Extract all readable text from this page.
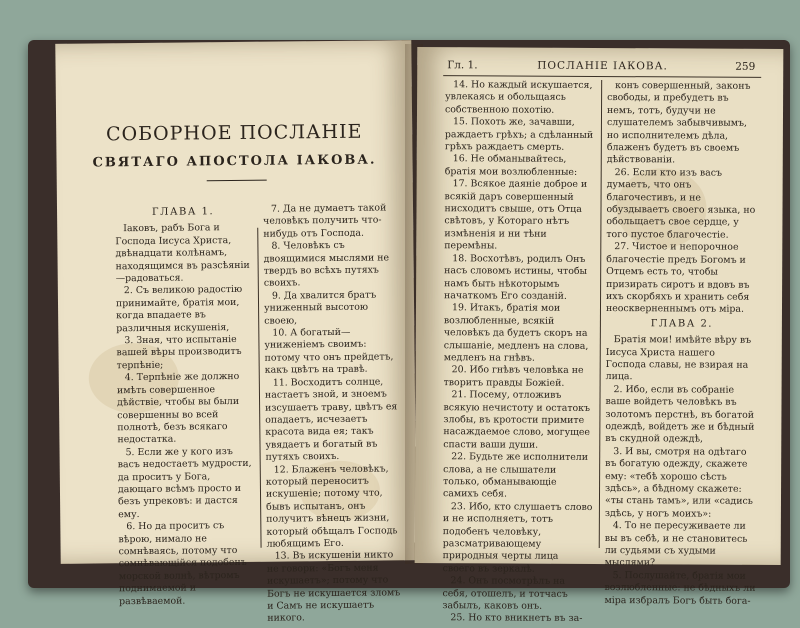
СОБОРНОЕ ПОСЛАНІЕ
СВЯТАГО АПОСТОЛА ІАКОВА.

ГЛАВА 1.

Іаковъ, рабъ Бога и Господа Іисуса Христа, двѣнадцати колѣнамъ, находящимся въ разсѣяніи—радоваться.

2. Съ великою радостію принимайте, братія мои, когда впадаете въ различныя искушенія,

3. Зная, что испытаніе вашей вѣры производитъ терпѣніе;

4. Терпѣніе же должно имѣть совершенное дѣйствіе, чтобы вы были совершенны во всей полнотѣ, безъ всякаго недостатка.

5. Если же у кого изъ васъ недостаетъ мудрости, да проситъ у Бога, дающаго всѣмъ просто и безъ упрековъ: и дастся ему.

6. Но да проситъ съ вѣрою, нимало не сомнѣваясь, потому что сомнѣвающійся подобенъ морской волнѣ, вѣтромъ поднимаемой и развѣваемой.

7. Да не думаетъ такой человѣкъ получить что-нибудь отъ Господа.

8. Человѣкъ съ двоящимися мыслями не твердъ во всѣхъ путяхъ своихъ.

9. Да хвалится братъ униженный высотою своею,

10. А богатый—униженіемъ своимъ: потому что онъ прейдетъ, какъ цвѣтъ на травѣ.

11. Восходитъ солнце, настаетъ зной, и зноемъ изсушаетъ траву, цвѣтъ ея опадаетъ, исчезаетъ красота вида ея; такъ увядаетъ и богатый въ путяхъ своихъ.

12. Блаженъ человѣкъ, который переноситъ искушеніе; потому что, бывъ испытанъ, онъ получитъ вѣнецъ жизни, который обѣщалъ Господь любящимъ Его.

13. Въ искушеніи никто не говори: «Богъ меня искушаетъ»; потому что Богъ не искушается зломъ и Самъ не искушаетъ никого.

Гл. 1.	ПОСЛАНІЕ ІАКОВА.	259

14. Но каждый искушается, увлекаясь и обольщаясь собственною похотію.

15. Похоть же, зачавши, раждаетъ грѣхъ; а сдѣланный грѣхъ раждаетъ смерть.

16. Не обманывайтесь, братія мои возлюбленные:

17. Всякое даяніе доброе и всякій даръ совершенный нисходитъ свыше, отъ Отца свѣтовъ, у Котораго нѣтъ измѣненія и ни тѣни перемѣны.

18. Восхотѣвъ, родилъ Онъ насъ словомъ истины, чтобы намъ быть нѣкоторымъ начаткомъ Его созданій.

19. Итакъ, братія мои возлюбленные, всякій человѣкъ да будетъ скоръ на слышаніе, медленъ на слова, медленъ на гнѣвъ.

20. Ибо гнѣвъ человѣка не творитъ правды Божіей.

21. Посему, отложивъ всякую нечистоту и остатокъ злобы, въ кротости примите насаждаемое слово, могущее спасти ваши души.

22. Будьте же исполнители слова, а не слышатели только, обманывающіе самихъ себя.

23. Ибо, кто слушаетъ слово и не исполняетъ, тотъ подобенъ человѣку, разсматривающему природныя черты лица своего въ зеркалѣ.

24. Онъ посмотрѣлъ на себя, отошелъ, и тотчасъ забылъ, каковъ онъ.

25. Но кто вникнетъ въ за-

конъ совершенный, законъ свободы, и пребудетъ въ немъ, тотъ, будучи не слушателемъ забывчивымъ, но исполнителемъ дѣла, блаженъ будетъ въ своемъ дѣйствованіи.

26. Если кто изъ васъ думаетъ, что онъ благочестивъ, и не обуздываетъ своего языка, но обольщаетъ свое сердце, у того пустое благочестіе.

27. Чистое и непорочное благочестіе предъ Богомъ и Отцемъ есть то, чтобы призирать сиротъ и вдовъ въ ихъ скорбяхъ и хранить себя неоскверненнымъ отъ міра.

ГЛАВА 2.

Братія мои! имѣйте вѣру въ Іисуса Христа нашего Господа славы, не взирая на лица.

2. Ибо, если въ собраніе ваше войдетъ человѣкъ въ золотомъ перстнѣ, въ богатой одеждѣ, войдетъ же и бѣдный въ скудной одеждѣ,

3. И вы, смотря на одѣтаго въ богатую одежду, скажете ему: «тебѣ хорошо сѣсть здѣсь», а бѣдному скажете: «ты стань тамъ», или «садись здѣсь, у ногъ моихъ»:

4. То не пересуживаете ли вы въ себѣ, и не становитесь ли судьями съ худыми мыслями?

5. Послушайте, братія мои возлюбленные: не бѣдныхъ ли міра избралъ Богъ быть бога-
